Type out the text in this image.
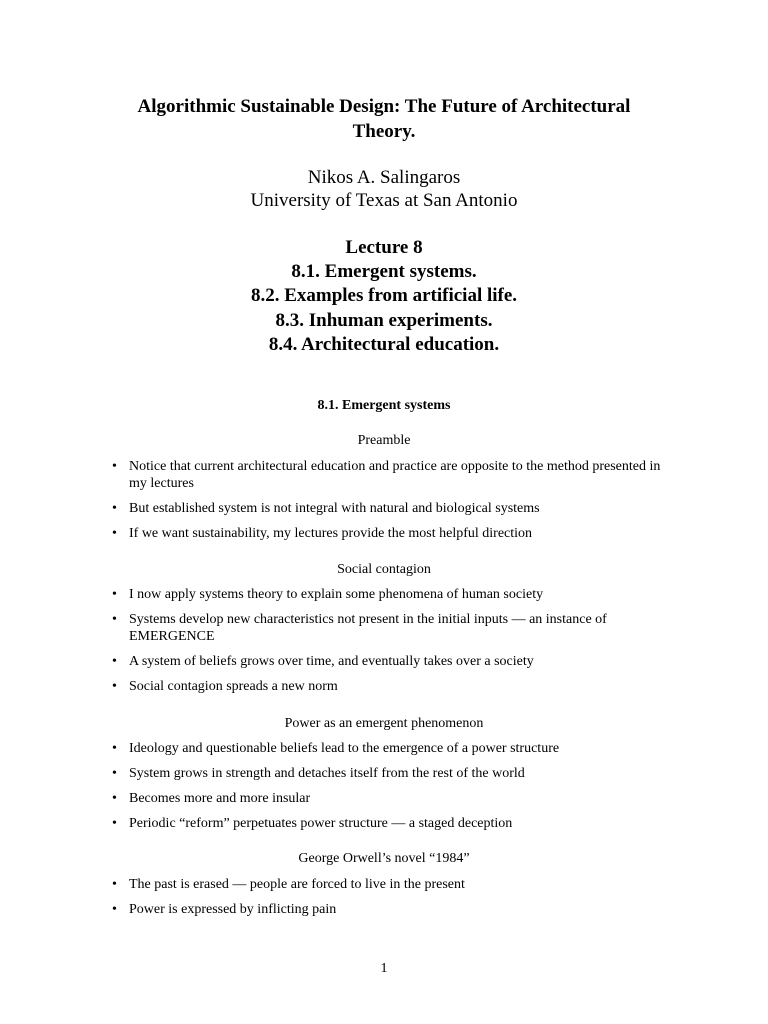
Algorithmic Sustainable Design: The Future of Architectural
Theory.
Nikos A. Salingaros
University of Texas at San Antonio
Lecture 8
8.1. Emergent systems.
8.2. Examples from artificial life.
8.3. Inhuman experiments.
8.4. Architectural education.
8.1. Emergent systems
Preamble
• Notice that current architectural education and practice are opposite to the method presented in my lectures
• But established system is not integral with natural and biological systems
• If we want sustainability, my lectures provide the most helpful direction
Social contagion
• I now apply systems theory to explain some phenomena of human society
• Systems develop new characteristics not present in the initial inputs — an instance of EMERGENCE
• A system of beliefs grows over time, and eventually takes over a society
• Social contagion spreads a new norm
Power as an emergent phenomenon
• Ideology and questionable beliefs lead to the emergence of a power structure
• System grows in strength and detaches itself from the rest of the world
• Becomes more and more insular
• Periodic “reform” perpetuates power structure — a staged deception
George Orwell’s novel “1984”
• The past is erased — people are forced to live in the present
• Power is expressed by inflicting pain
1
